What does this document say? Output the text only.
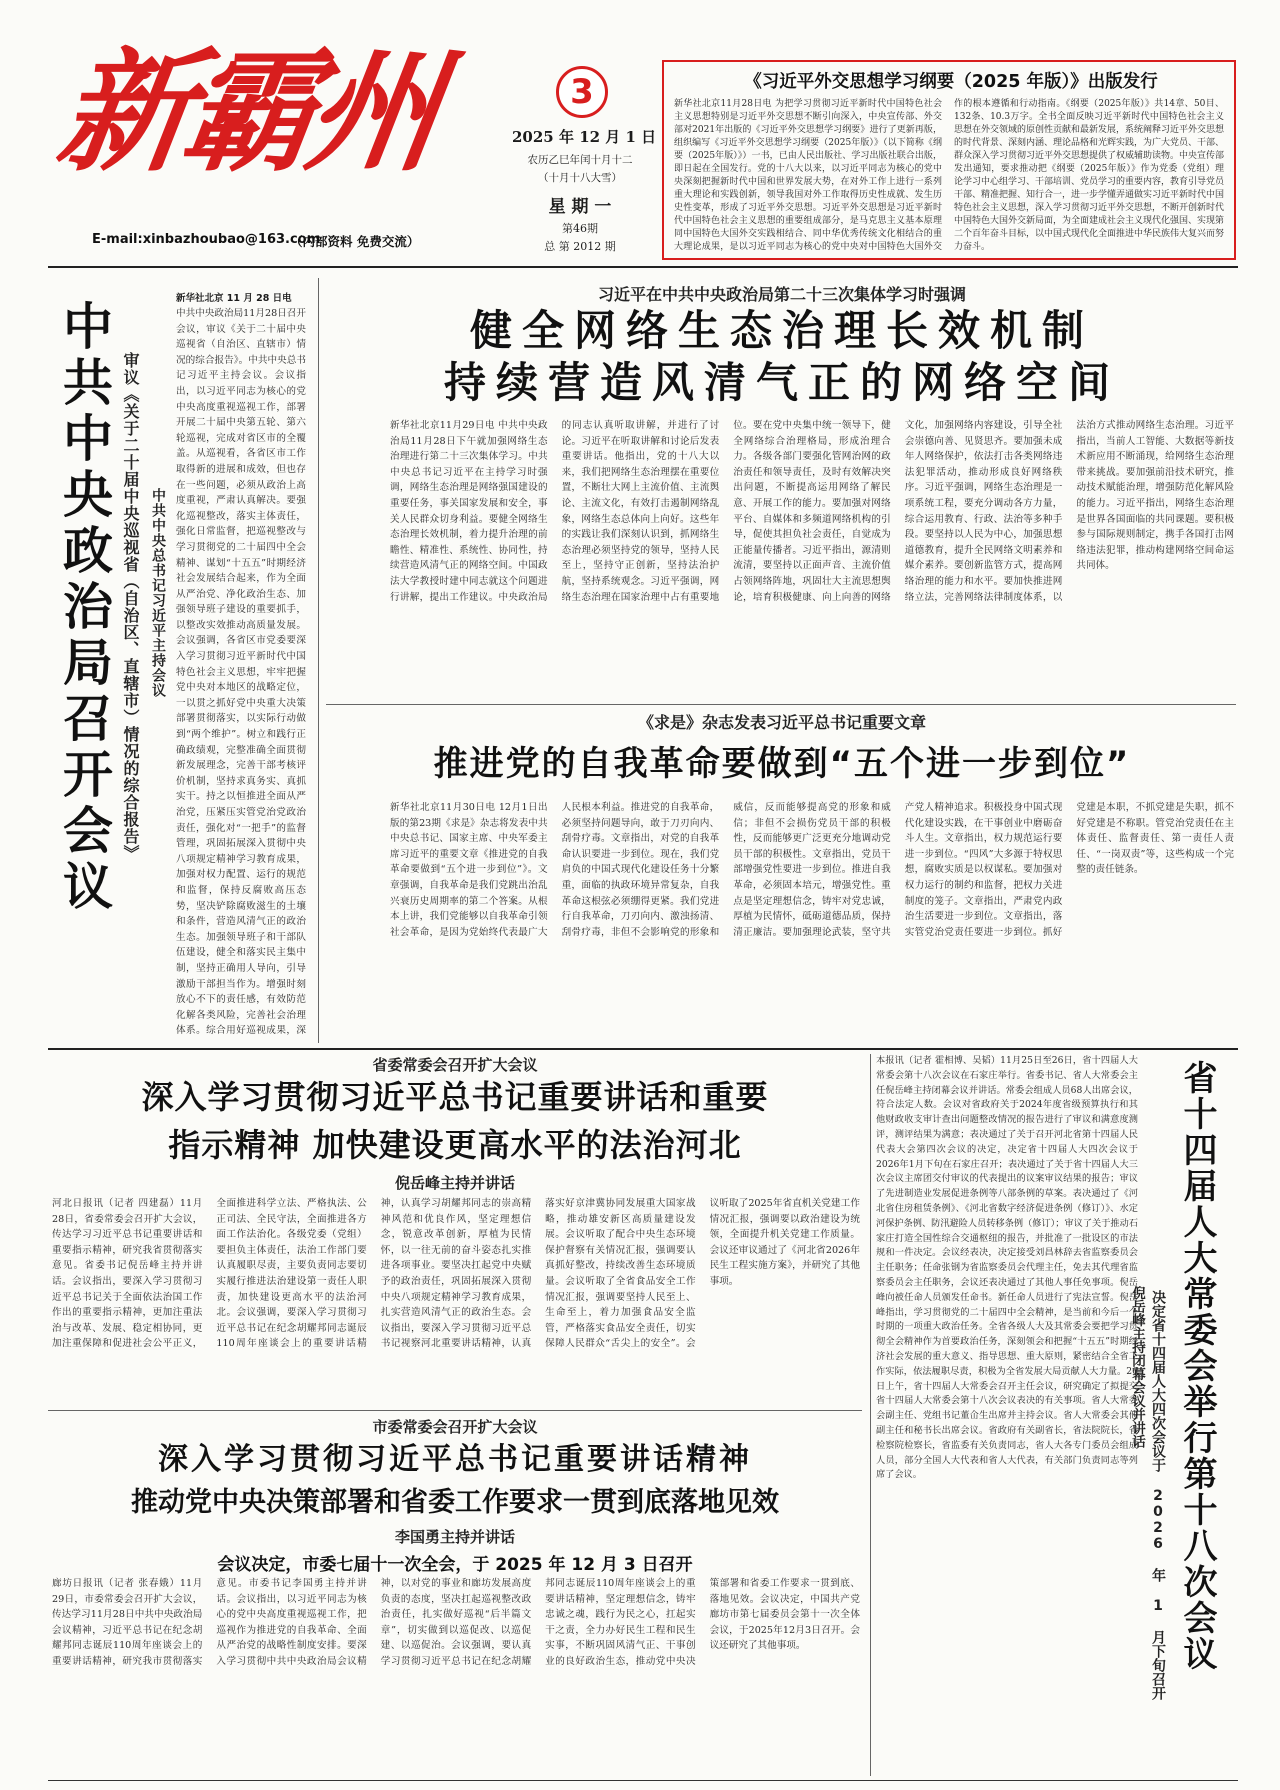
新霸州
E-mail:xinbazhoubao@163.com
（内部资料 免费交流）
3
2025 年 12 月 1 日
农历乙巳年闰十月十二
（十月十八大雪）
星 期 一
第46期
总 第 2012 期
《习近平外交思想学习纲要（2025 年版）》出版发行
新华社北京11月28日电 为把学习贯彻习近平新时代中国特色社会主义思想特别是习近平外交思想不断引向深入，中央宣传部、外交部对2021年出版的《习近平外交思想学习纲要》进行了更新再版，组织编写《习近平外交思想学习纲要（2025年版）》（以下简称《纲要（2025年版）》）一书，已由人民出版社、学习出版社联合出版，即日起在全国发行。党的十八大以来，以习近平同志为核心的党中央深刻把握新时代中国和世界发展大势，在对外工作上进行一系列重大理论和实践创新，领导我国对外工作取得历史性成就、发生历史性变革，形成了习近平外交思想。习近平外交思想是习近平新时代中国特色社会主义思想的重要组成部分，是马克思主义基本原理同中国特色大国外交实践相结合、同中华优秀传统文化相结合的重大理论成果，是以习近平同志为核心的党中央对中国特色大国外交
作的根本遵循和行动指南。《纲要（2025年版）》共14章、50目、132条、10.3万字。全书全面反映习近平新时代中国特色社会主义思想在外交领域的原创性贡献和最新发展，系统阐释习近平外交思想的时代背景、深刻内涵、理论品格和光辉实践，为广大党员、干部、群众深入学习贯彻习近平外交思想提供了权威辅助读物。中央宣传部发出通知，要求推动把《纲要（2025年版）》作为党委（党组）理论学习中心组学习、干部培训、党员学习的重要内容，教育引导党员干部、精准把握、知行合一，进一步学懂弄通做实习近平新时代中国特色社会主义思想，深入学习贯彻习近平外交思想，不断开创新时代中国特色大国外交新局面，为全面建成社会主义现代化强国、实现第二个百年奋斗目标，以中国式现代化全面推进中华民族伟大复兴而努力奋斗。
中共中央政治局召开会议 审议《关于二十届中央巡视省（自治区、直辖市）情况的综合报告》 中共中央总书记习近平主持会议
新华社北京 11 月 28 日电
中共中央政治局11月28日召开会议，审议《关于二十届中央巡视省（自治区、直辖市）情况的综合报告》。中共中央总书记习近平主持会议。会议指出，以习近平同志为核心的党中央高度重视巡视工作，部署开展二十届中央第五轮、第六轮巡视，完成对省区市的全覆盖。从巡视看，各省区市工作取得新的进展和成效，但也存在一些问题，必须从政治上高度重视，严肃认真解决。要强化巡视整改，落实主体责任，强化日常监督，把巡视整改与学习贯彻党的二十届四中全会精神、谋划“十五五”时期经济社会发展结合起来，作为全面从严治党、净化政治生态、加强领导班子建设的重要抓手，以整改实效推动高质量发展。会议强调，各省区市党委要深入学习贯彻习近平新时代中国特色社会主义思想，牢牢把握党中央对本地区的战略定位，一以贯之抓好党中央重大决策部署贯彻落实，以实际行动做到“两个维护”。树立和践行正确政绩观，完整准确全面贯彻新发展理念，完善干部考核评价机制，坚持求真务实、真抓实干。持之以恒推进全面从严治党，压紧压实管党治党政治责任，强化对“一把手”的监督管理，巩固拓展深入贯彻中央八项规定精神学习教育成果，加强对权力配置、运行的规范和监督，保持反腐败高压态势，坚决铲除腐败滋生的土壤和条件，营造风清气正的政治生态。加强领导班子和干部队伍建设，健全和落实民主集中制，坚持正确用人导向，引导激励干部担当作为。增强时刻放心不下的责任感，有效防范化解各类风险，完善社会治理体系。综合用好巡视成果，深
习近平在中共中央政治局第二十三次集体学习时强调
健全网络生态治理长效机制
持续营造风清气正的网络空间
新华社北京11月29日电 中共中央政治局11月28日下午就加强网络生态治理进行第二十三次集体学习。中共中央总书记习近平在主持学习时强调，网络生态治理是网络强国建设的重要任务，事关国家发展和安全，事关人民群众切身利益。要健全网络生态治理长效机制，着力提升治理的前瞻性、精准性、系统性、协同性，持续营造风清气正的网络空间。中国政法大学教授时建中同志就这个问题进行讲解，提出工作建议。中央政治局的同志认真听取讲解，并进行了讨论。习近平在听取讲解和讨论后发表重要讲话。他指出，党的十八大以来，我们把网络生态治理摆在重要位置，不断壮大网上主流价值、主流舆论、主流文化，有效打击遏制网络乱象，网络生态总体向上向好。这些年的实践让我们深刻认识到，抓网络生态治理必须坚持党的领导，坚持人民至上，坚持守正创新，坚持法治护航，坚持系统观念。习近平强调，网络生态治理在国家治理中占有重要地位。要在党中央集中统一领导下，健全网络综合治理格局，形成治理合力。各级各部门要强化管网治网的政治责任和领导责任，及时有效解决突出问题，不断提高运用网络了解民意、开展工作的能力。要加强对网络平台、自媒体和多频道网络机构的引导，促使其担负社会责任，自觉成为正能量传播者。习近平指出，源清则流清，要坚持以正面声音、主流价值占领网络阵地，巩固壮大主流思想舆论，培育积极健康、向上向善的网络文化，加强网络内容建设，引导全社会崇德向善、见贤思齐。要加强未成年人网络保护，依法打击各类网络违法犯罪活动，推动形成良好网络秩序。习近平强调，网络生态治理是一项系统工程，要充分调动各方力量，综合运用教育、行政、法治等多种手段。要坚持以人民为中心，加强思想道德教育，提升全民网络文明素养和媒介素养。要创新监管方式，提高网络治理的能力和水平。要加快推进网络立法，完善网络法律制度体系，以法治方式推动网络生态治理。习近平指出，当前人工智能、大数据等新技术新应用不断涌现，给网络生态治理带来挑战。要加强前沿技术研究，推动技术赋能治理，增强防范化解风险的能力。习近平指出，网络生态治理是世界各国面临的共同课题。要积极参与国际规则制定，携手各国打击网络违法犯罪，推动构建网络空间命运共同体。
《求是》杂志发表习近平总书记重要文章
推进党的自我革命要做到“五个进一步到位”
新华社北京11月30日电 12月1日出版的第23期《求是》杂志将发表中共中央总书记、国家主席、中央军委主席习近平的重要文章《推进党的自我革命要做到“五个进一步到位”》。文章强调，自我革命是我们党跳出治乱兴衰历史周期率的第二个答案。从根本上讲，我们党能够以自我革命引领社会革命，是因为党始终代表最广大人民根本利益。推进党的自我革命，必须坚持问题导向，敢于刀刃向内、刮骨疗毒。文章指出，对党的自我革命认识要进一步到位。现在，我们党肩负的中国式现代化建设任务十分繁重，面临的执政环境异常复杂，自我革命这根弦必须绷得更紧。我们党进行自我革命，刀刃向内、激浊扬清、刮骨疗毒，非但不会影响党的形象和威信，反而能够提高党的形象和威信；非但不会损伤党员干部的积极性，反而能够更广泛更充分地调动党员干部的积极性。文章指出，党员干部增强党性要进一步到位。推进自我革命，必须固本培元，增强党性。重点是坚定理想信念，铸牢对党忠诚，厚植为民情怀，砥砺道德品质，保持清正廉洁。要加强理论武装，坚守共产党人精神追求。积极投身中国式现代化建设实践，在干事创业中磨砺奋斗人生。文章指出，权力规范运行要进一步到位。“四风”大多源于特权思想，腐败实质是以权谋私。要加强对权力运行的制约和监督，把权力关进制度的笼子。文章指出，严肃党内政治生活要进一步到位。文章指出，落实管党治党责任要进一步到位。抓好党建是本职，不抓党建是失职，抓不好党建是不称职。管党治党责任在主体责任、监督责任、第一责任人责任、“一岗双责”等，这些构成一个完整的责任链条。
省委常委会召开扩大会议
深入学习贯彻习近平总书记重要讲话和重要
指示精神 加快建设更高水平的法治河北
倪岳峰主持并讲话
河北日报讯（记者 四建磊）11月28日，省委常委会召开扩大会议，传达学习习近平总书记重要讲话和重要指示精神，研究我省贯彻落实意见。省委书记倪岳峰主持并讲话。会议指出，要深入学习贯彻习近平总书记关于全面依法治国工作作出的重要指示精神，更加注重法治与改革、发展、稳定相协同，更加注重保障和促进社会公平正义，全面推进科学立法、严格执法、公正司法、全民守法，全面推进各方面工作法治化。各级党委（党组）要担负主体责任，法治工作部门要认真履职尽责，主要负责同志要切实履行推进法治建设第一责任人职责，加快建设更高水平的法治河北。会议强调，要深入学习贯彻习近平总书记在纪念胡耀邦同志诞辰110周年座谈会上的重要讲话精神，认真学习胡耀邦同志的崇高精神风范和优良作风，坚定理想信念，锐意改革创新，厚植为民情怀，以一往无前的奋斗姿态扎实推进各项事业。要坚决扛起党中央赋予的政治责任，巩固拓展深入贯彻中央八项规定精神学习教育成果，扎实营造风清气正的政治生态。会议指出，要深入学习贯彻习近平总书记视察河北重要讲话精神，认真落实好京津冀协同发展重大国家战略，推动雄安新区高质量建设发展。会议听取了配合中央生态环境保护督察有关情况汇报，强调要认真抓好整改，持续改善生态环境质量。会议听取了全省食品安全工作情况汇报，强调要坚持人民至上、生命至上，着力加强食品安全监管，严格落实食品安全责任，切实保障人民群众“舌尖上的安全”。会议听取了2025年省直机关党建工作情况汇报，强调要以政治建设为统领，全面提升机关党建工作质量。会议还审议通过了《河北省2026年民生工程实施方案》，并研究了其他事项。
市委常委会召开扩大会议
深入学习贯彻习近平总书记重要讲话精神
推动党中央决策部署和省委工作要求一贯到底落地见效
李国勇主持并讲话
会议决定，市委七届十一次全会，于 2025 年 12 月 3 日召开
廊坊日报讯（记者 张春娥）11月29日，市委常委会召开扩大会议，传达学习11月28日中共中央政治局会议精神，习近平总书记在纪念胡耀邦同志诞辰110周年座谈会上的重要讲话精神，研究我市贯彻落实意见。市委书记李国勇主持并讲话。会议指出，以习近平同志为核心的党中央高度重视巡视工作，把巡视作为推进党的自我革命、全面从严治党的战略性制度安排。要深入学习贯彻中共中央政治局会议精神，以对党的事业和廊坊发展高度负责的态度，坚决扛起巡视整改政治责任，扎实做好巡视“后半篇文章”，切实做到以巡促改、以巡促建、以巡促治。会议强调，要认真学习贯彻习近平总书记在纪念胡耀邦同志诞辰110周年座谈会上的重要讲话精神，坚定理想信念，铸牢忠诚之魂，践行为民之心，扛起实干之责，全力办好民生工程和民生实事，不断巩固风清气正、干事创业的良好政治生态，推动党中央决策部署和省委工作要求一贯到底、落地见效。会议决定，中国共产党廊坊市第七届委员会第十一次全体会议，于2025年12月3日召开。会议还研究了其他事项。
本报讯（记者 霍相博、吴韬）11月25日至26日，省十四届人大常委会第十八次会议在石家庄举行。省委书记、省人大常委会主任倪岳峰主持闭幕会议并讲话。常委会组成人员68人出席会议，符合法定人数。会议对省政府关于2024年度省级预算执行和其他财政收支审计查出问题整改情况的报告进行了审议和满意度测评，测评结果为满意；表决通过了关于召开河北省第十四届人民代表大会第四次会议的决定，决定省十四届人大四次会议于2026年1月下旬在石家庄召开；表决通过了关于省十四届人大三次会议主席团交付审议的代表提出的议案审议结果的报告；审议了先进制造业发展促进条例等八部条例的草案。表决通过了《河北省住房租赁条例》、《河北省数字经济促进条例（修订）》、水定河保护条例、防汛避险人员转移条例（修订）；审议了关于推动石家庄打造全国性综合交通枢纽的报告，并批准了一批设区的市法规和一件决定。会议经表决，决定接受刘昌林辞去省监察委员会主任职务；任命张钢为省监察委员会代理主任，免去其代理省监察委员会主任职务，会议还表决通过了其他人事任免事项。倪岳峰向被任命人员颁发任命书。新任命人员进行了宪法宣誓。倪岳峰指出，学习贯彻党的二十届四中全会精神，是当前和今后一个时期的一项重大政治任务。全省各级人大及其常委会要把学习贯彻全会精神作为首要政治任务，深刻领会和把握“十五五”时期经济社会发展的重大意义、指导思想、重大原则，紧密结合全省工作实际，依法履职尽责，积极为全省发展大局贡献人大力量。26日上午，省十四届人大常委会召开主任会议，研究确定了拟提交省十四届人大常委会第十八次会议表决的有关事项。省人大常委会副主任、党组书记董仚生出席并主持会议。省人大常委会其他副主任和秘书长出席会议。省政府有关副省长，省法院院长，省检察院检察长，省监委有关负责同志，省人大各专门委员会组成人员，部分全国人大代表和省人大代表，有关部门负责同志等列席了会议。
倪岳峰主持闭幕会议并讲话 决定省十四届人大四次会议于 2026 年 1 月下旬召开 省十四届人大常委会举行第十八次会议
